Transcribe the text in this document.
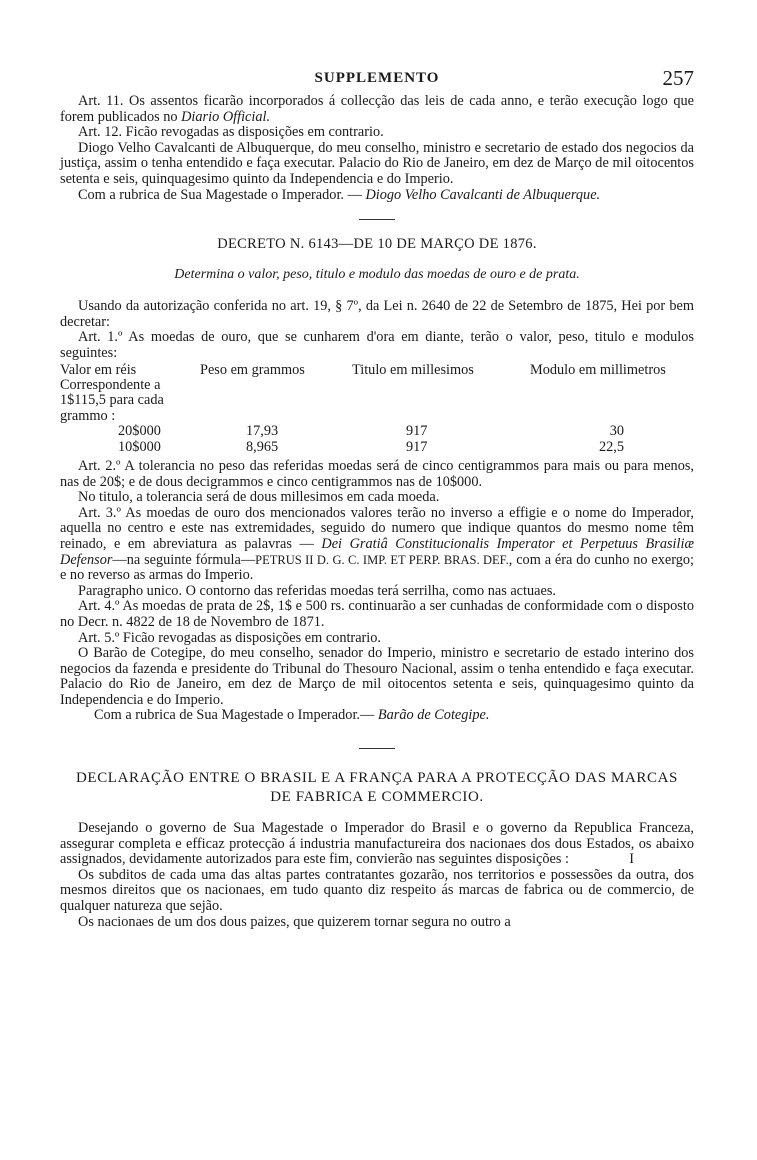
SUPPLEMENTO	257

Art. 11. Os assentos ficarão incorporados á collecção das leis de cada anno, e terão execução logo que forem publicados no Diario Official.

Art. 12. Ficão revogadas as disposições em contrario.

Diogo Velho Cavalcanti de Albuquerque, do meu conselho, ministro e secretario de estado dos negocios da justiça, assim o tenha entendido e faça executar. Palacio do Rio de Janeiro, em dez de Março de mil oitocentos setenta e seis, quinquagesimo quinto da Independencia e do Imperio.

Com a rubrica de Sua Magestade o Imperador. — Diogo Velho Cavalcanti de Albuquerque.

DECRETO N. 6143—DE 10 DE MARÇO DE 1876.
Determina o valor, peso, titulo e modulo das moedas de ouro e de prata.

Usando da autorização conferida no art. 19, § 7º, da Lei n. 2640 de 22 de Setembro de 1875, Hei por bem decretar:

Art. 1.º As moedas de ouro, que se cunharem d'ora em diante, terão o valor, peso, titulo e modulos seguintes:

Valor em réis Correspondente a 1$115,5 para cada grammo :	Peso em grammos	Titulo em millesimos	Modulo em millimetros
20$000	17,93	917	30
10$000	8,965	917	22,5

Art. 2.º A tolerancia no peso das referidas moedas será de cinco centigrammos para mais ou para menos, nas de 20$; e de dous decigrammos e cinco centigrammos nas de 10$000.

No titulo, a tolerancia será de dous millesimos em cada moeda.

Art. 3.º As moedas de ouro dos mencionados valores terão no inverso a effigie e o nome do Imperador, aquella no centro e este nas extremidades, seguido do numero que indique quantos do mesmo nome têm reinado, e em abreviatura as palavras — Dei Gratiâ Constitucionalis Imperator et Perpetuus Brasiliæ Defensor—na seguinte fórmula—PETRUS II D. G. C. IMP. ET PERP. BRAS. DEF., com a éra do cunho no exergo; e no reverso as armas do Imperio.

Paragrapho unico. O contorno das referidas moedas terá serrilha, como nas actuaes.

Art. 4.º As moedas de prata de 2$, 1$ e 500 rs. continuarão a ser cunhadas de conformidade com o disposto no Decr. n. 4822 de 18 de Novembro de 1871.

Art. 5.º Ficão revogadas as disposições em contrario.

O Barão de Cotegipe, do meu conselho, senador do Imperio, ministro e secretario de estado interino dos negocios da fazenda e presidente do Tribunal do Thesouro Nacional, assim o tenha entendido e faça executar. Palacio do Rio de Janeiro, em dez de Março de mil oitocentos setenta e seis, quinquagesimo quinto da Independencia e do Imperio.

Com a rubrica de Sua Magestade o Imperador.— Barão de Cotegipe.

DECLARAÇÃO ENTRE O BRASIL E A FRANÇA PARA A PROTECÇÃO DAS MARCAS
DE FABRICA E COMMERCIO.

Desejando o governo de Sua Magestade o Imperador do Brasil e o governo da Republica Franceza, assegurar completa e efficaz protecção á industria manufactureira dos nacionaes dos dous Estados, os abaixo assignados, devidamente autorizados para este fim, convierão nas seguintes disposições :	I

Os subditos de cada uma das altas partes contratantes gozarão, nos territorios e possessões da outra, dos mesmos direitos que os nacionaes, em tudo quanto diz respeito ás marcas de fabrica ou de commercio, de qualquer natureza que sejão.

Os nacionaes de um dos dous paizes, que quizerem tornar segura no outro a
